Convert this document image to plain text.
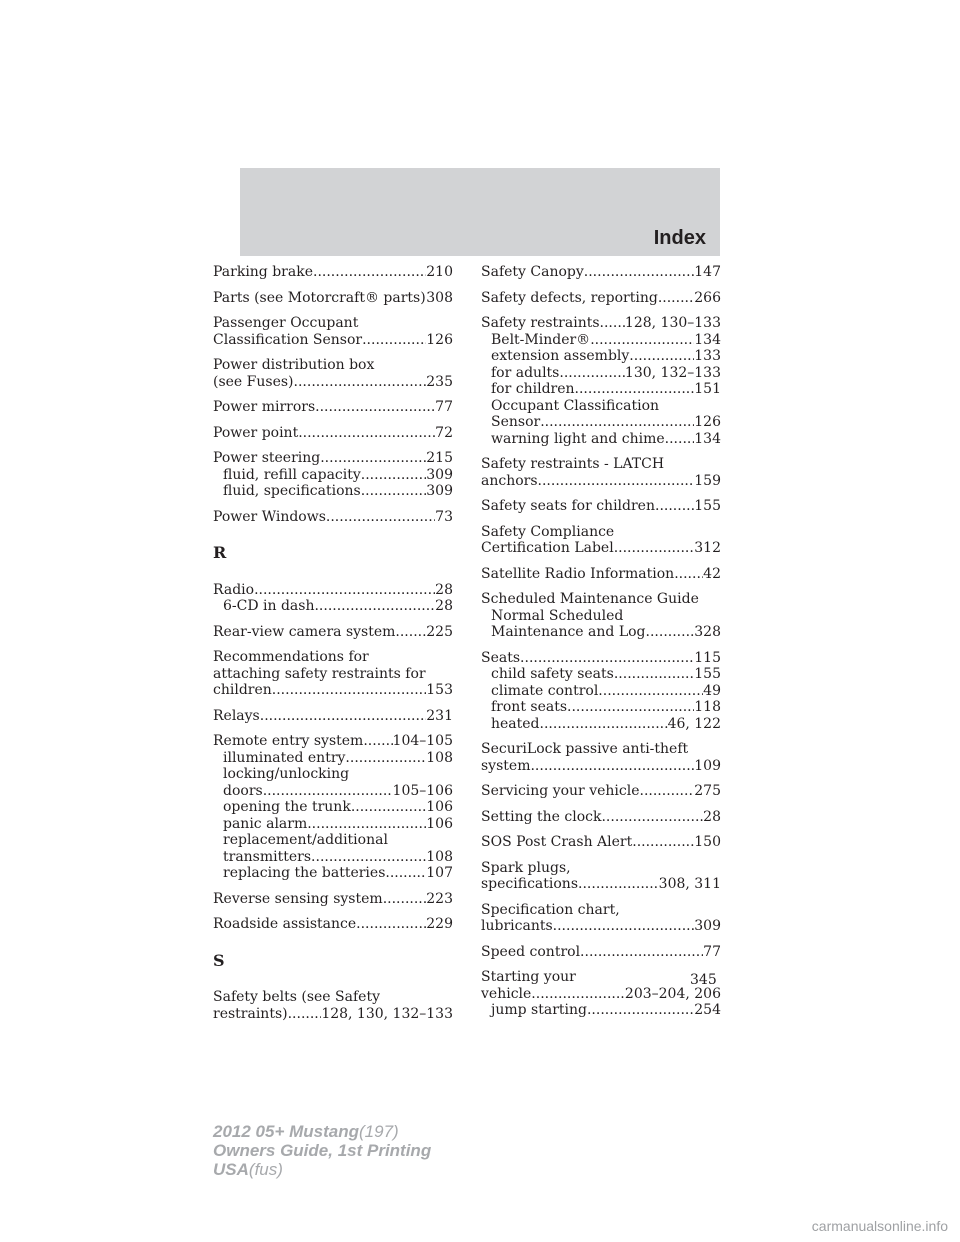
Index
Parking brake .....	210
Parts (see Motorcraft® parts) ..... 308
Passenger Occupant
Classification Sensor .....	126
Power distribution box
(see Fuses) .....	235
Power mirrors .....	77
Power point .....	72
Power steering .....	215
fluid, refill capacity .....	309
fluid, specifications .....	309
Power Windows .....	73
R
Radio .....	28
6-CD in dash .....	28
Rear-view camera system ..... 225
Recommendations for
attaching safety restraints for
children .....	153
Relays .....	231
Remote entry system ..... 104–105
illuminated entry .....	108
locking/unlocking
doors .....	105–106
opening the trunk .....	106
panic alarm .....	106
replacement/additional
transmitters .....	108
replacing the batteries .....	107
Reverse sensing system .....	223
Roadside assistance .....	229
S
Safety belts (see Safety
restraints) ..... 128, 130, 132–133
Safety Canopy .....	147
Safety defects, reporting .....	266
Safety restraints ..... 128, 130–133
Belt-Minder® .....	134
extension assembly .....	133
for adults .....	130, 132–133
for children .....	151
Occupant Classification
Sensor .....	126
warning light and chime ..... 134
Safety restraints - LATCH
anchors .....	159
Safety seats for children .....	155
Safety Compliance
Certification Label .....	312
Satellite Radio Information ..... 42
Scheduled Maintenance Guide
Normal Scheduled
Maintenance and Log .....	328
Seats .....	115
child safety seats .....	155
climate control .....	49
front seats .....	118
heated .....	46, 122
SecuriLock passive anti-theft
system .....	109
Servicing your vehicle .....	275
Setting the clock .....	28
SOS Post Crash Alert .....	150
Spark plugs,
specifications .....	308, 311
Specification chart,
lubricants .....	309
Speed control .....	77
Starting your
vehicle .....	203–204, 206
jump starting .....	254
345
2012 05+ Mustang(197)
Owners Guide, 1st Printing
USA(fus)
carmanualsonline.info
